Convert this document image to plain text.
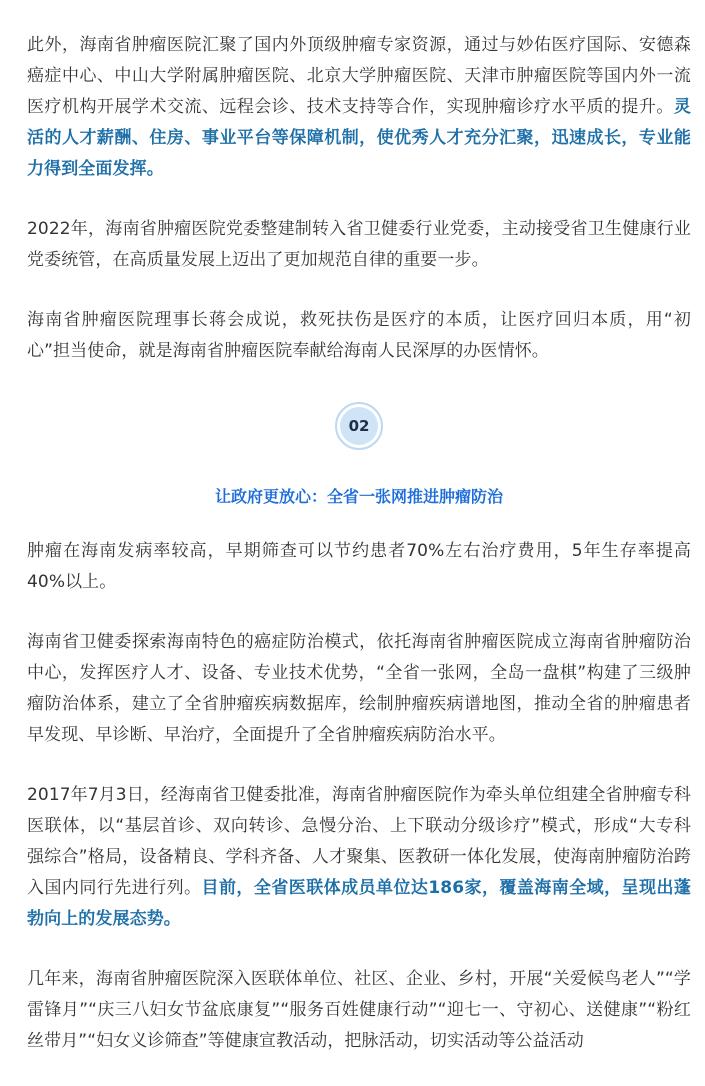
此外，海南省肿瘤医院汇聚了国内外顶级肿瘤专家资源，通过与妙佑医疗国际、安德森癌症中心、中山大学附属肿瘤医院、北京大学肿瘤医院、天津市肿瘤医院等国内外一流医疗机构开展学术交流、远程会诊、技术支持等合作，实现肿瘤诊疗水平质的提升。灵活的人才薪酬、住房、事业平台等保障机制，使优秀人才充分汇聚，迅速成长，专业能力得到全面发挥。

2022年，海南省肿瘤医院党委整建制转入省卫健委行业党委，主动接受省卫生健康行业党委统管，在高质量发展上迈出了更加规范自律的重要一步。

海南省肿瘤医院理事长蒋会成说，救死扶伤是医疗的本质，让医疗回归本质，用“初心”担当使命，就是海南省肿瘤医院奉献给海南人民深厚的办医情怀。

02
让政府更放心：全省一张网推进肿瘤防治

肿瘤在海南发病率较高，早期筛查可以节约患者70%左右治疗费用，5年生存率提高40%以上。

海南省卫健委探索海南特色的癌症防治模式，依托海南省肿瘤医院成立海南省肿瘤防治中心，发挥医疗人才、设备、专业技术优势，“全省一张网，全岛一盘棋”构建了三级肿瘤防治体系，建立了全省肿瘤疾病数据库，绘制肿瘤疾病谱地图，推动全省的肿瘤患者早发现、早诊断、早治疗，全面提升了全省肿瘤疾病防治水平。

2017年7月3日，经海南省卫健委批准，海南省肿瘤医院作为牵头单位组建全省肿瘤专科医联体，以“基层首诊、双向转诊、急慢分治、上下联动分级诊疗”模式，形成“大专科 强综合”格局，设备精良、学科齐备、人才聚集、医教研一体化发展，使海南肿瘤防治跨入国内同行先进行列。目前，全省医联体成员单位达186家，覆盖海南全域，呈现出蓬勃向上的发展态势。

几年来，海南省肿瘤医院深入医联体单位、社区、企业、乡村，开展“关爱候鸟老人”“学雷锋月”“庆三八妇女节盆底康复”“服务百姓健康行动”“迎七一、守初心、送健康”“粉红丝带月”“妇女义诊筛查”等健康宣教活动，把脉活动，切实活动等公益活动
